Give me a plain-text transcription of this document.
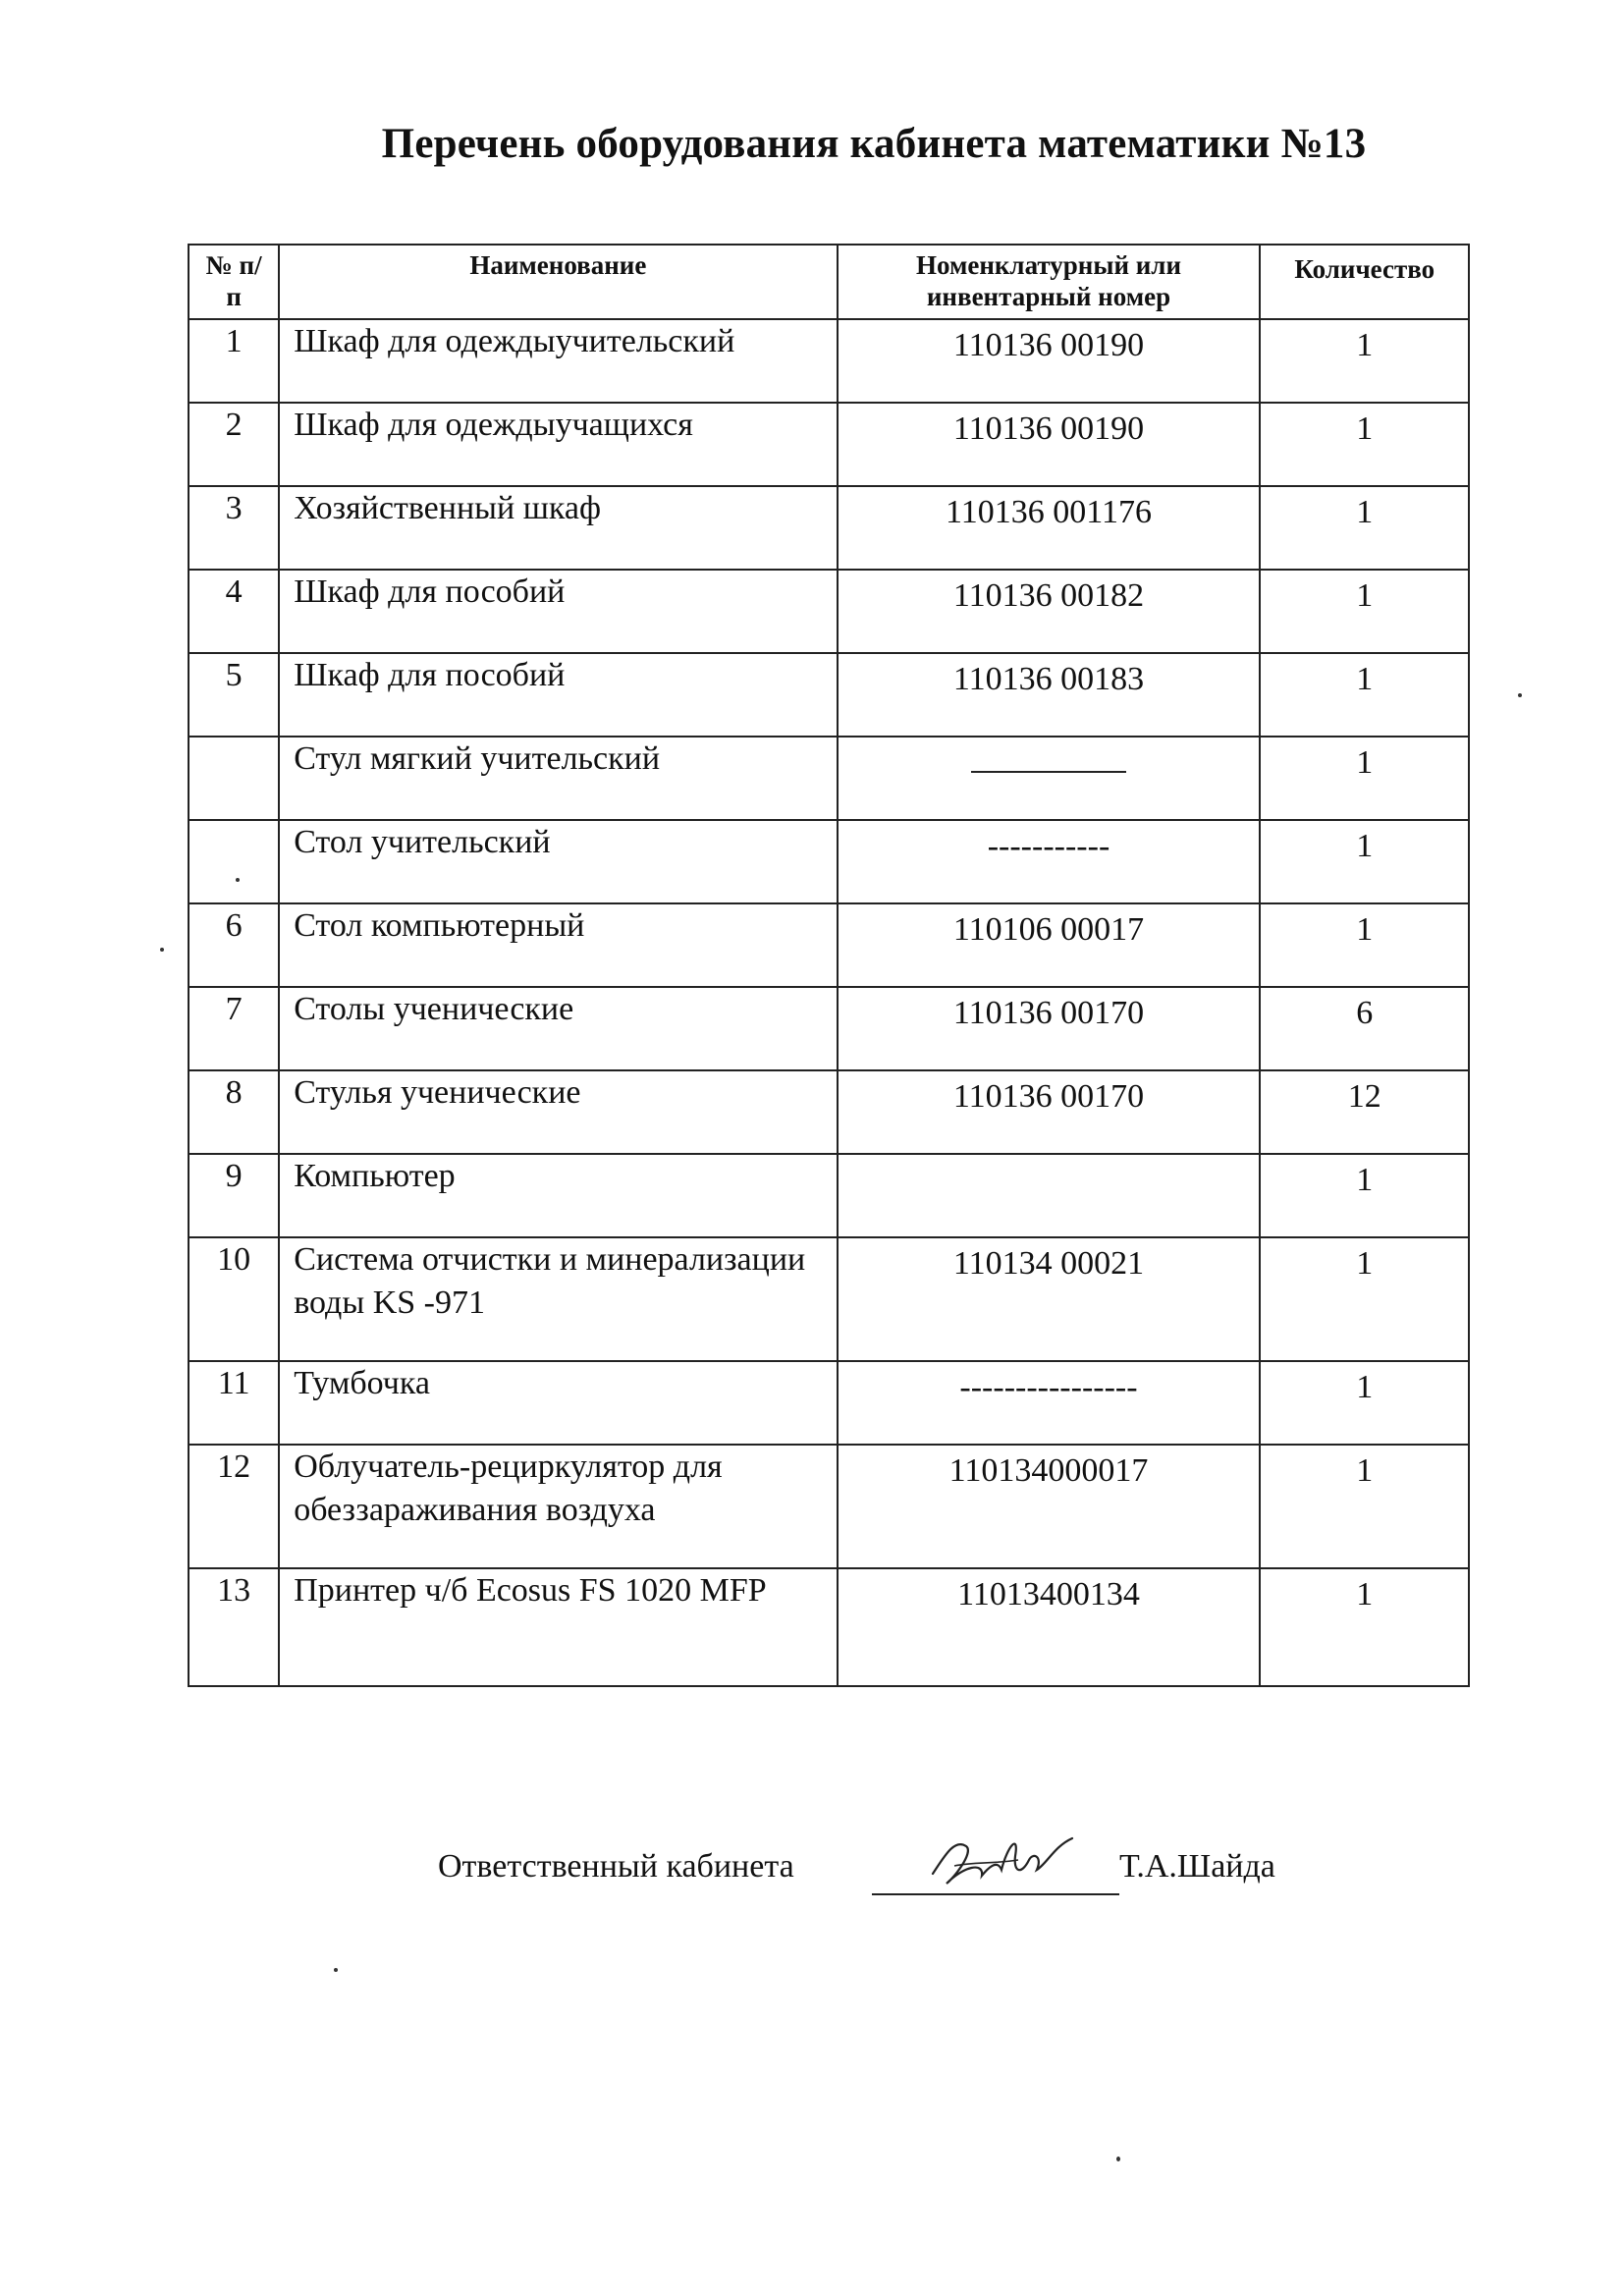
Перечень оборудования кабинета математики №13
№ п/п	Наименование	Номенклатурный или инвентарный номер	Количество
1	Шкаф для одеждыучительский	110136 00190	1
2	Шкаф для одеждыучащихся	110136 00190	1
3	Хозяйственный шкаф	110136 001176	1
4	Шкаф для пособий	110136 00182	1
5	Шкаф для пособий	110136 00183	1
	Стул мягкий учительский		1
	Стол учительский	-----------	1
6	Стол компьютерный	110106 00017	1
7	Столы ученические	110136 00170	6
8	Стулья ученические	110136 00170	12
9	Компьютер		1
10	Система отчистки и минерализации воды KS -971	110134 00021	1
11	Тумбочка	----------------	1
12	Облучатель-рециркулятор для обеззараживания воздуха	110134000017	1
13	Принтер ч/б Ecosus FS 1020 MFP	11013400134	1
Ответственный кабинета	Т.А.Шайда
